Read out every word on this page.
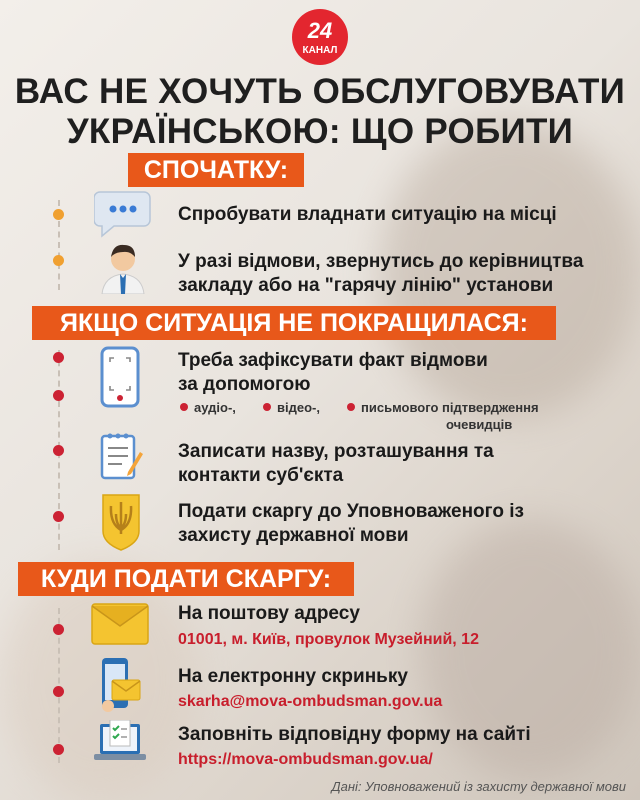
24
КАНАЛ
ВАС НЕ ХОЧУТЬ ОБСЛУГОВУВАТИ
УКРАЇНСЬКОЮ: ЩО РОБИТИ
СПОЧАТКУ:
Спробувати владнати ситуацію на місці
У разі відмови, звернутись до керівництва
закладу або на "гарячу лінію" установи
ЯКЩО СИТУАЦІЯ НЕ ПОКРАЩИЛАСЯ:
Треба зафіксувати факт відмови
за допомогою
аудіо-,	відео-,	письмового підтвердження
очевидців
Записати назву, розташування та
контакти суб'єкта
Подати скаргу до Уповноваженого із
захисту державної мови
КУДИ ПОДАТИ СКАРГУ:
На поштову адресу
01001, м. Київ, провулок Музейний, 12
На електронну скриньку
skarha@mova-ombudsman.gov.ua
Заповніть відповідну форму на сайті
https://mova-ombudsman.gov.ua/
Дані: Уповноважений із захисту державної мови
